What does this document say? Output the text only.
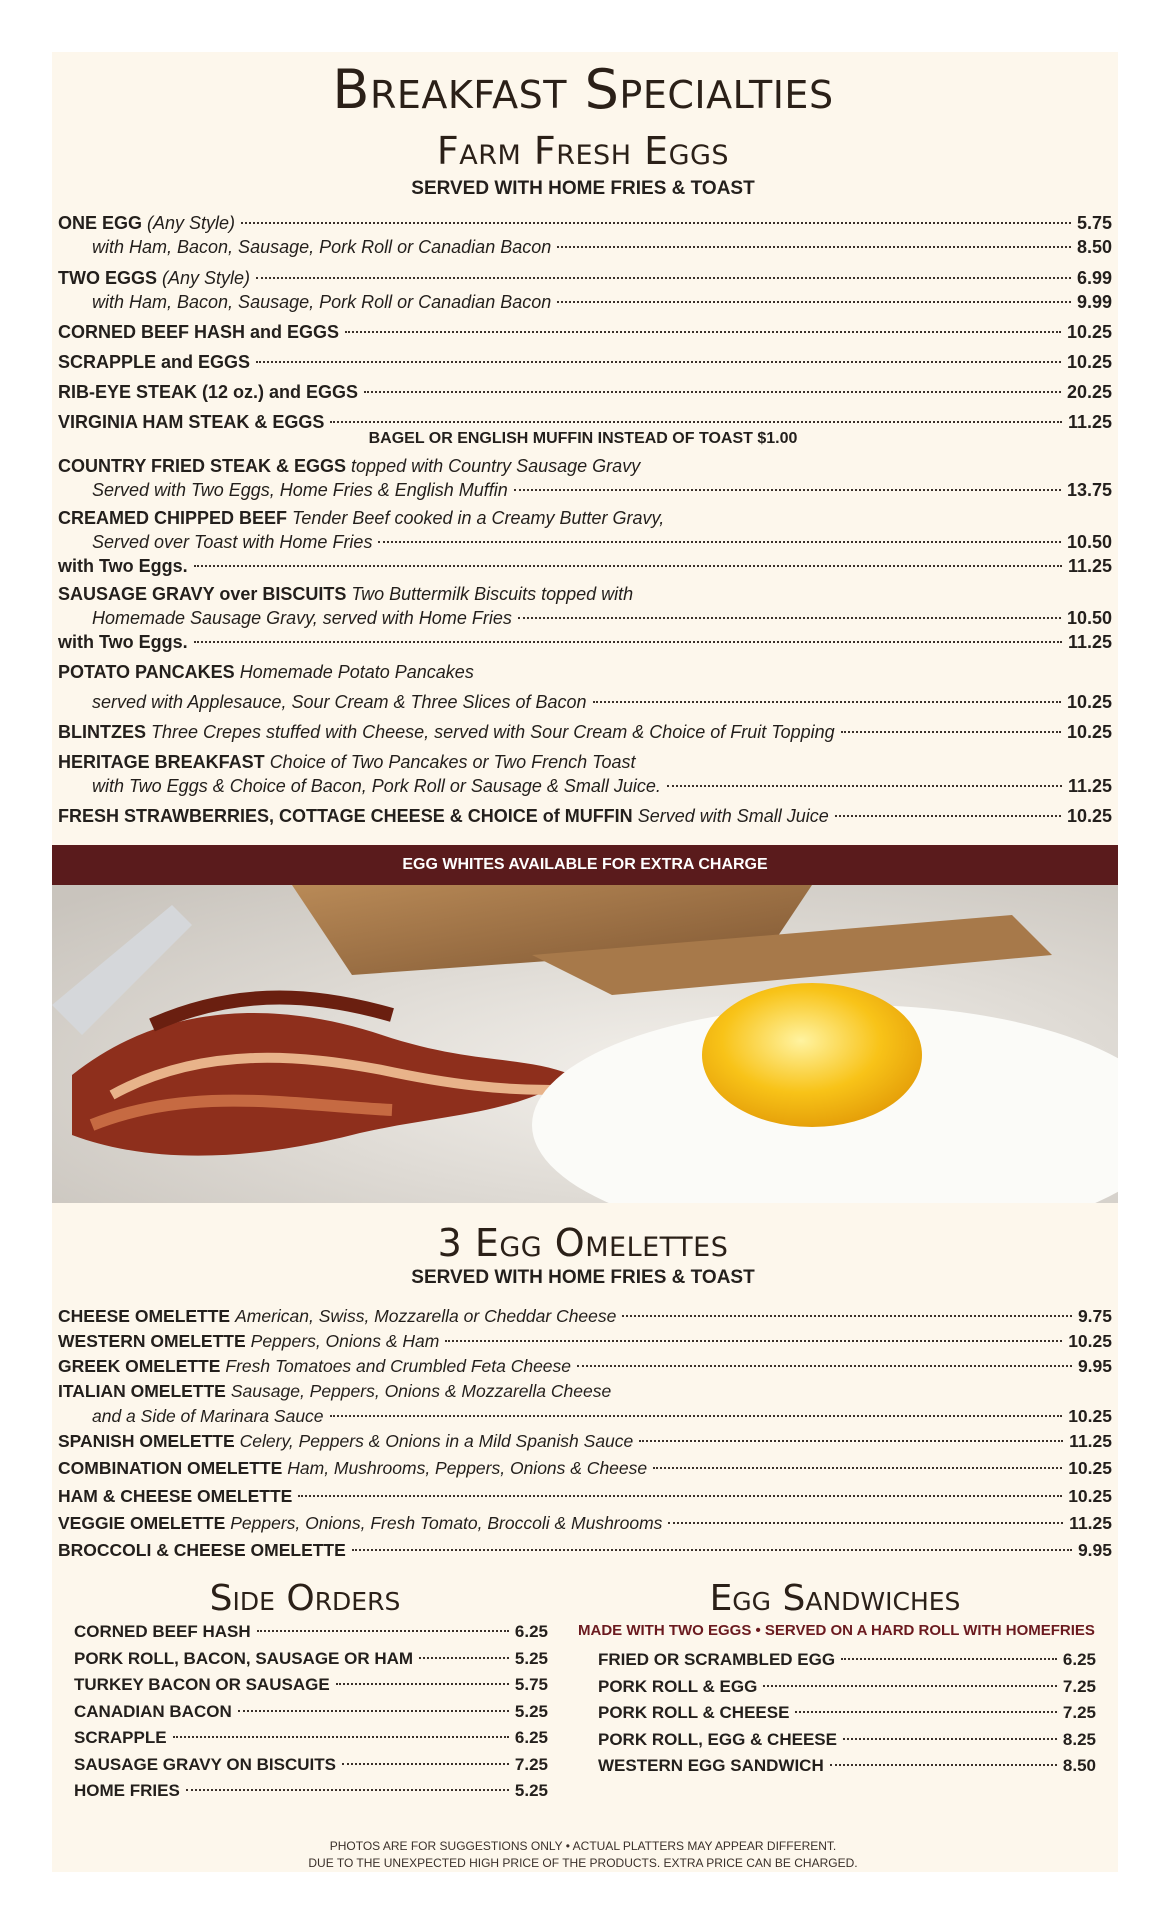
Breakfast Specialties
Farm Fresh Eggs
SERVED WITH HOME FRIES & TOAST
ONE EGG (Any Style)	5.75
with Ham, Bacon, Sausage, Pork Roll or Canadian Bacon	8.50
TWO EGGS (Any Style)	6.99
with Ham, Bacon, Sausage, Pork Roll or Canadian Bacon	9.99
CORNED BEEF HASH and EGGS	10.25
SCRAPPLE and EGGS	10.25
RIB-EYE STEAK (12 oz.) and EGGS	20.25
VIRGINIA HAM STEAK & EGGS	11.25
BAGEL OR ENGLISH MUFFIN INSTEAD OF TOAST $1.00
COUNTRY FRIED STEAK & EGGS topped with Country Sausage Gravy
Served with Two Eggs, Home Fries & English Muffin	13.75
CREAMED CHIPPED BEEF Tender Beef cooked in a Creamy Butter Gravy,
Served over Toast with Home Fries	10.50
with Two Eggs.	11.25
SAUSAGE GRAVY over BISCUITS Two Buttermilk Biscuits topped with
Homemade Sausage Gravy, served with Home Fries	10.50
with Two Eggs.	11.25
POTATO PANCAKES Homemade Potato Pancakes
served with Applesauce, Sour Cream & Three Slices of Bacon	10.25
BLINTZES Three Crepes stuffed with Cheese, served with Sour Cream & Choice of Fruit Topping	10.25
HERITAGE BREAKFAST Choice of Two Pancakes or Two French Toast
with Two Eggs & Choice of Bacon, Pork Roll or Sausage & Small Juice.	11.25
FRESH STRAWBERRIES, COTTAGE CHEESE & CHOICE of MUFFIN Served with Small Juice	10.25
EGG WHITES AVAILABLE FOR EXTRA CHARGE
3 Egg Omelettes
SERVED WITH HOME FRIES & TOAST
CHEESE OMELETTE American, Swiss, Mozzarella or Cheddar Cheese	9.75
WESTERN OMELETTE Peppers, Onions & Ham	10.25
GREEK OMELETTE Fresh Tomatoes and Crumbled Feta Cheese	9.95
ITALIAN OMELETTE Sausage, Peppers, Onions & Mozzarella Cheese
and a Side of Marinara Sauce	10.25
SPANISH OMELETTE Celery, Peppers & Onions in a Mild Spanish Sauce	11.25
COMBINATION OMELETTE Ham, Mushrooms, Peppers, Onions & Cheese	10.25
HAM & CHEESE OMELETTE	10.25
VEGGIE OMELETTE Peppers, Onions, Fresh Tomato, Broccoli & Mushrooms	11.25
BROCCOLI & CHEESE OMELETTE	9.95
Side Orders
CORNED BEEF HASH	6.25
PORK ROLL, BACON, SAUSAGE OR HAM	5.25
TURKEY BACON OR SAUSAGE	5.75
CANADIAN BACON	5.25
SCRAPPLE	6.25
SAUSAGE GRAVY ON BISCUITS	7.25
HOME FRIES	5.25
Egg Sandwiches
MADE WITH TWO EGGS • SERVED ON A HARD ROLL WITH HOMEFRIES
FRIED OR SCRAMBLED EGG	6.25
PORK ROLL & EGG	7.25
PORK ROLL & CHEESE	7.25
PORK ROLL, EGG & CHEESE	8.25
WESTERN EGG SANDWICH	8.50
PHOTOS ARE FOR SUGGESTIONS ONLY • ACTUAL PLATTERS MAY APPEAR DIFFERENT.
DUE TO THE UNEXPECTED HIGH PRICE OF THE PRODUCTS. EXTRA PRICE CAN BE CHARGED.
